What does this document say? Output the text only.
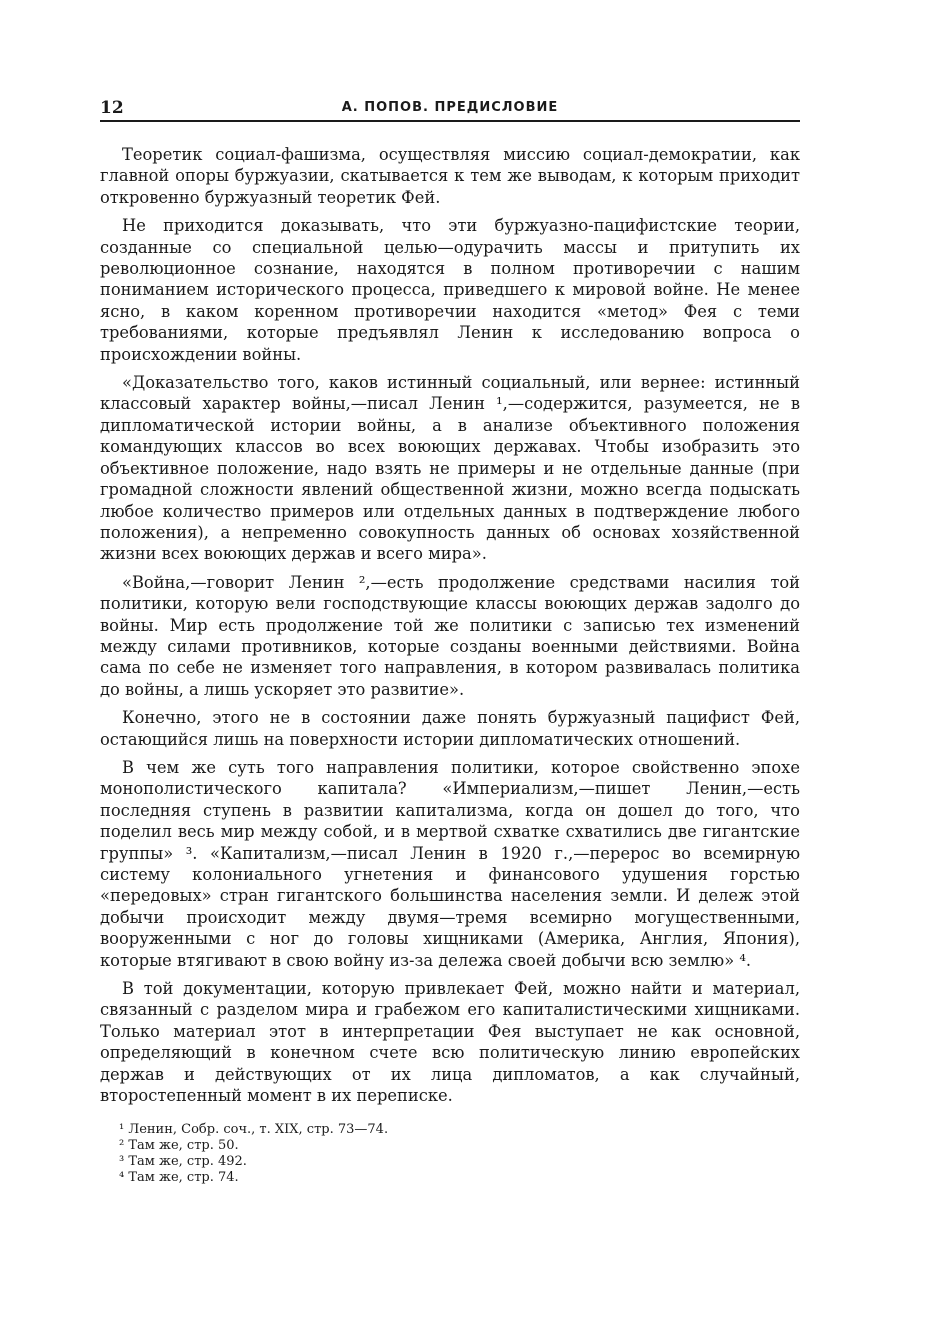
12	А. ПОПОВ. ПРЕДИСЛОВИЕ

Теоретик социал-фашизма, осуществляя миссию социал-демократии, как главной опоры буржуазии, скатывается к тем же выводам, к которым приходит откровенно буржуазный теоретик Фей.

Не приходится доказывать, что эти буржуазно-пацифистские теории, созданные со специальной целью—одурачить массы и притупить их революционное сознание, находятся в полном противоречии с нашим пониманием исторического процесса, приведшего к мировой войне. Не менее ясно, в каком коренном противоречии находится «метод» Фея с теми требованиями, которые предъявлял Ленин к исследованию вопроса о происхождении войны.

«Доказательство того, каков истинный социальный, или вернее: истинный классовый характер войны,—писал Ленин ¹,—содержится, разумеется, не в дипломатической истории войны, а в анализе объективного положения командующих классов во всех воюющих державах. Чтобы изобразить это объективное положение, надо взять не примеры и не отдельные данные (при громадной сложности явлений общественной жизни, можно всегда подыскать любое количество примеров или отдельных данных в подтверждение любого положения), а непременно совокупность данных об основах хозяйственной жизни всех воюющих держав и всего мира».

«Война,—говорит Ленин ²,—есть продолжение средствами насилия той политики, которую вели господствующие классы воюющих держав задолго до войны. Мир есть продолжение той же политики с записью тех изменений между силами противников, которые созданы военными действиями. Война сама по себе не изменяет того направления, в котором развивалась политика до войны, а лишь ускоряет это развитие».

Конечно, этого не в состоянии даже понять буржуазный пацифист Фей, остающийся лишь на поверхности истории дипломатических отношений.

В чем же суть того направления политики, которое свойственно эпохе монополистического капитала? «Империализм,—пишет Ленин,—есть последняя ступень в развитии капитализма, когда он дошел до того, что поделил весь мир между собой, и в мертвой схватке схватились две гигантские группы» ³. «Капитализм,—писал Ленин в 1920 г.,—перерос во всемирную систему колониального угнетения и финансового удушения горстью «передовых» стран гигантского большинства населения земли. И дележ этой добычи происходит между двумя—тремя всемирно могущественными, вооруженными с ног до головы хищниками (Америка, Англия, Япония), которые втягивают в свою войну из-за дележа своей добычи всю землю» ⁴.

В той документации, которую привлекает Фей, можно найти и материал, связанный с разделом мира и грабежом его капиталистическими хищниками. Только материал этот в интерпретации Фея выступает не как основной, определяющий в конечном счете всю политическую линию европейских держав и действующих от их лица дипломатов, а как случайный, второстепенный момент в их переписке.

¹ Ленин, Собр. соч., т. XIX, стр. 73—74.

² Там же, стр. 50.

³ Там же, стр. 492.

⁴ Там же, стр. 74.
